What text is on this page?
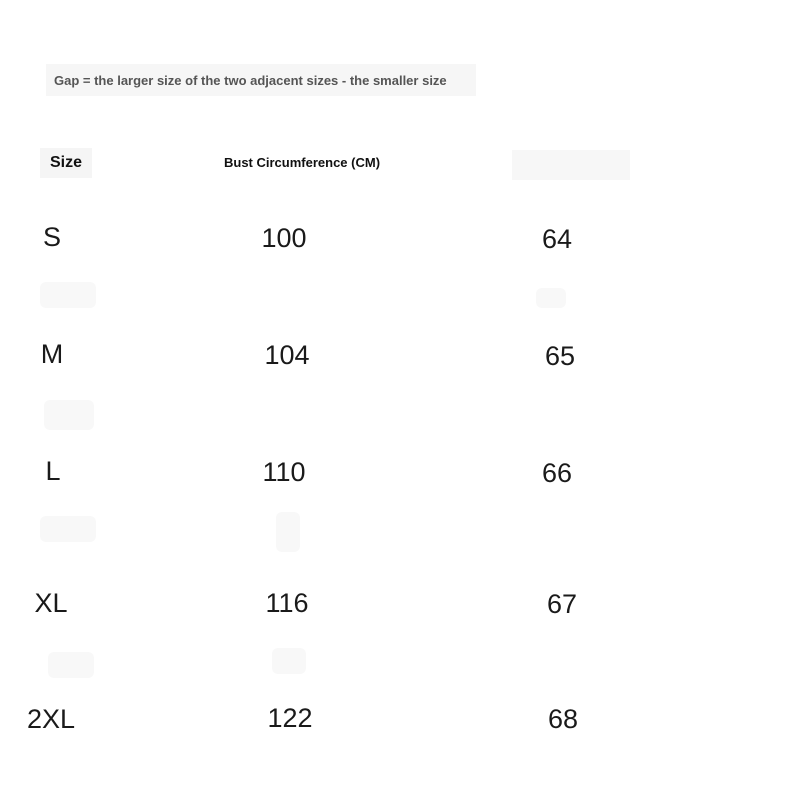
Gap = the larger size of the two adjacent sizes - the smaller size
Size	Bust Circumference (CM)
S	100	64
M	104	65
L	110	66
XL	116	67
2XL	122	68
